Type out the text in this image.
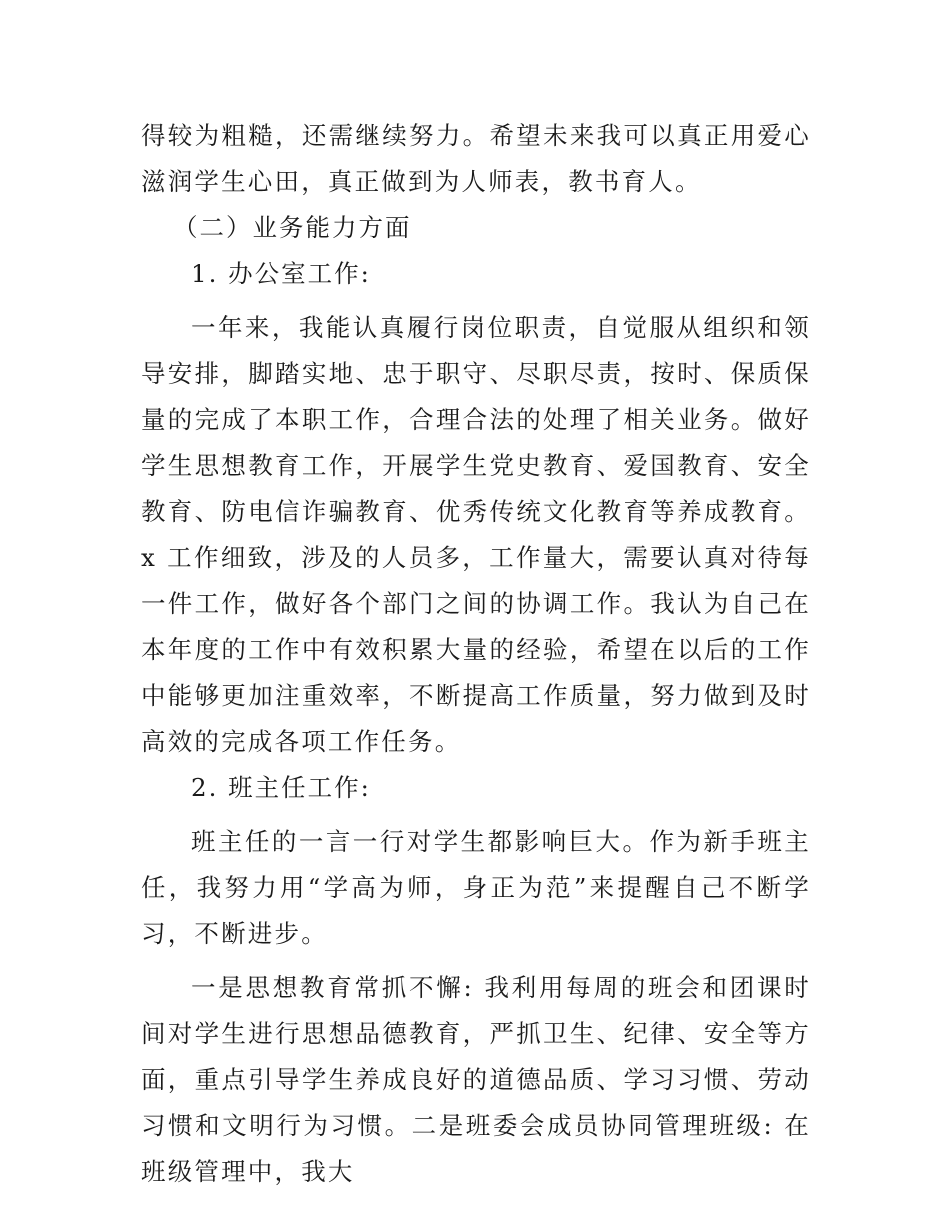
得较为粗糙，还需继续努力。希望未来我可以真正用爱心滋润学生心田，真正做到为人师表，教书育人。

（二）业务能力方面

1. 办公室工作:

一年来，我能认真履行岗位职责，自觉服从组织和领导安排，脚踏实地、忠于职守、尽职尽责，按时、保质保量的完成了本职工作，合理合法的处理了相关业务。做好学生思想教育工作，开展学生党史教育、爱国教育、安全教育、防电信诈骗教育、优秀传统文化教育等养成教育。x 工作细致，涉及的人员多，工作量大，需要认真对待每一件工作，做好各个部门之间的协调工作。我认为自己在本年度的工作中有效积累大量的经验，希望在以后的工作中能够更加注重效率，不断提高工作质量，努力做到及时高效的完成各项工作任务。

2. 班主任工作:

班主任的一言一行对学生都影响巨大。作为新手班主任，我努力用“学高为师，身正为范”来提醒自己不断学习，不断进步。

一是思想教育常抓不懈: 我利用每周的班会和团课时间对学生进行思想品德教育，严抓卫生、纪律、安全等方面，重点引导学生养成良好的道德品质、学习习惯、劳动习惯和文明行为习惯。二是班委会成员协同管理班级: 在班级管理中，我大
